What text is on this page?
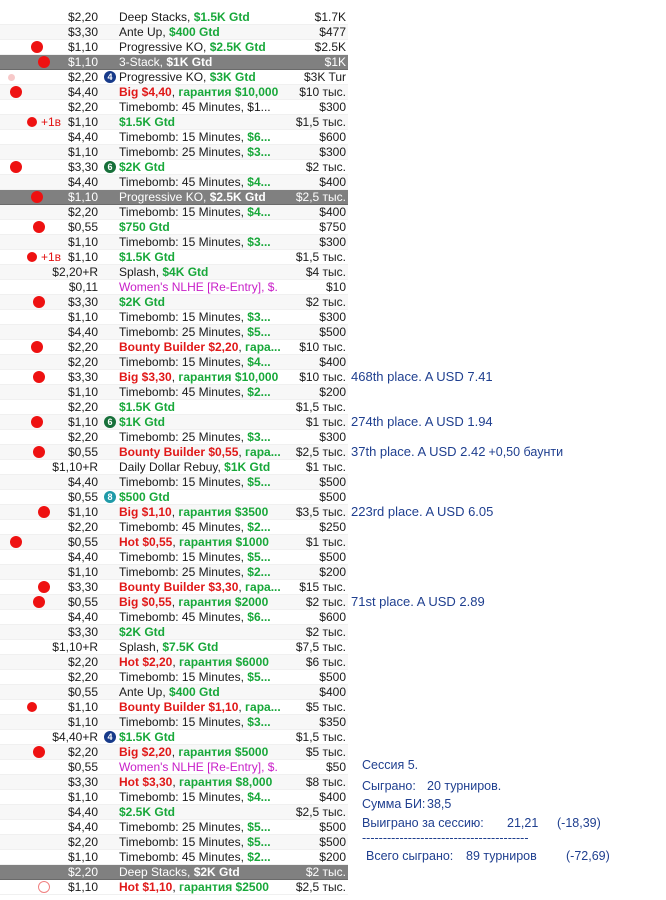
$2,20 Deep Stacks, $1.5K Gtd	$1.7K
$3,30 Ante Up, $400 Gtd	$477
$1,10 Progressive KO, $2.5K Gtd	$2.5K
$1,10 3-Stack, $1K Gtd	$1K
$2,20	4 Progressive KO, $3K Gtd	$3K Tur
$4,40 Big $4,40, гарантия $10,000	$10 тыс.
$2,20 Timebomb: 45 Minutes, $1...	$300
+1в $1,10 $1.5K Gtd	$1,5 тыс.
$4,40 Timebomb: 15 Minutes, $6...	$600
$1,10 Timebomb: 25 Minutes, $3...	$300
$3,30	6 $2K Gtd	$2 тыс.
$4,40 Timebomb: 45 Minutes, $4...	$400
$1,10 Progressive KO, $2.5K Gtd	$2,5 тыс.
$2,20 Timebomb: 15 Minutes, $4...	$400
$0,55 $750 Gtd	$750
$1,10 Timebomb: 15 Minutes, $3...	$300
+1в $1,10 $1.5K Gtd	$1,5 тыс.
$2,20+R Splash, $4K Gtd	$4 тыс.
$0,11 Women's NLHE [Re-Entry], $.	$10
$3,30 $2K Gtd	$2 тыс.
$1,10 Timebomb: 15 Minutes, $3...	$300
$4,40 Timebomb: 25 Minutes, $5...	$500
$2,20 Bounty Builder $2,20, гара...	$10 тыс.
$2,20 Timebomb: 15 Minutes, $4...	$400
$3,30 Big $3,30, гарантия $10,000	$10 тыс.
$1,10 Timebomb: 45 Minutes, $2...	$200
$2,20 $1.5K Gtd	$1,5 тыс.
$1,10	6 $1K Gtd	$1 тыс.
$2,20 Timebomb: 25 Minutes, $3...	$300
$0,55 Bounty Builder $0,55, гара...	$2,5 тыс.
$1,10+R Daily Dollar Rebuy, $1K Gtd	$1 тыс.
$4,40 Timebomb: 15 Minutes, $5...	$500
$0,55	8 $500 Gtd	$500
$1,10 Big $1,10, гарантия $3500	$3,5 тыс.
$2,20 Timebomb: 45 Minutes, $2...	$250
$0,55 Hot $0,55, гарантия $1000	$1 тыс.
$4,40 Timebomb: 15 Minutes, $5...	$500
$1,10 Timebomb: 25 Minutes, $2...	$200
$3,30 Bounty Builder $3,30, гара...	$15 тыс.
$0,55 Big $0,55, гарантия $2000	$2 тыс.
$4,40 Timebomb: 45 Minutes, $6...	$600
$3,30 $2K Gtd	$2 тыс.
$1,10+R Splash, $7.5K Gtd	$7,5 тыс.
$2,20 Hot $2,20, гарантия $6000	$6 тыс.
$2,20 Timebomb: 15 Minutes, $5...	$500
$0,55 Ante Up, $400 Gtd	$400
$1,10 Bounty Builder $1,10, гара...	$5 тыс.
$1,10 Timebomb: 15 Minutes, $3...	$350
$4,40+R	4 $1.5K Gtd	$1,5 тыс.
$2,20 Big $2,20, гарантия $5000	$5 тыс.
$0,55 Women's NLHE [Re-Entry], $.	$50
$3,30 Hot $3,30, гарантия $8,000	$8 тыс.
$1,10 Timebomb: 15 Minutes, $4...	$400
$4,40 $2.5K Gtd	$2,5 тыс.
$4,40 Timebomb: 25 Minutes, $5...	$500
$2,20 Timebomb: 15 Minutes, $5...	$500
$1,10 Timebomb: 45 Minutes, $2...	$200
$2,20 Deep Stacks, $2K Gtd	$2 тыс.
$1,10 Hot $1,10, гарантия $2500	$2,5 тыс.
468th place. A USD 7.41
274th place. A USD 1.94
37th place. A USD 2.42 +0,50 баунти
223rd place. A USD 6.05
71st place. A USD 2.89
Сессия 5.
Сыграно: 20 турниров.
Сумма БИ: 38,5
Выиграно за сессию: 21,21 (-18,39)
----------------------------------------
Всего сыграно: 89 турниров (-72,69)
